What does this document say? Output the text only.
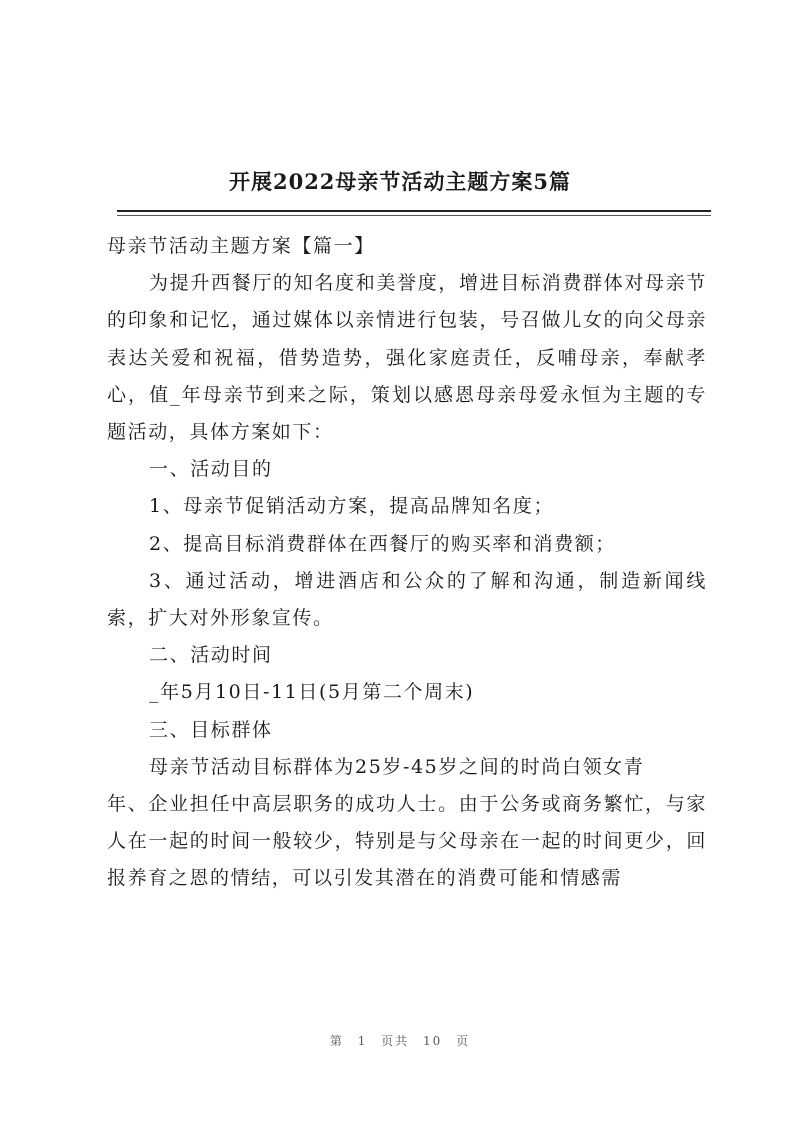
开展2022母亲节活动主题方案5篇

母亲节活动主题方案【篇一】

为提升西餐厅的知名度和美誉度，增进目标消费群体对母亲节的印象和记忆，通过媒体以亲情进行包装，号召做儿女的向父母亲表达关爱和祝福，借势造势，强化家庭责任，反哺母亲，奉献孝心，值_年母亲节到来之际，策划以感恩母亲母爱永恒为主题的专题活动，具体方案如下：

一、活动目的

1、母亲节促销活动方案，提高品牌知名度；

2、提高目标消费群体在西餐厅的购买率和消费额；

3、通过活动，增进酒店和公众的了解和沟通，制造新闻线索，扩大对外形象宣传。

二、活动时间

_年5月10日-11日(5月第二个周末)

三、目标群体

母亲节活动目标群体为25岁-45岁之间的时尚白领女青

年、企业担任中高层职务的成功人士。由于公务或商务繁忙，与家人在一起的时间一般较少，特别是与父母亲在一起的时间更少，回报养育之恩的情结，可以引发其潜在的消费可能和情感需

第 1 页共 10 页
